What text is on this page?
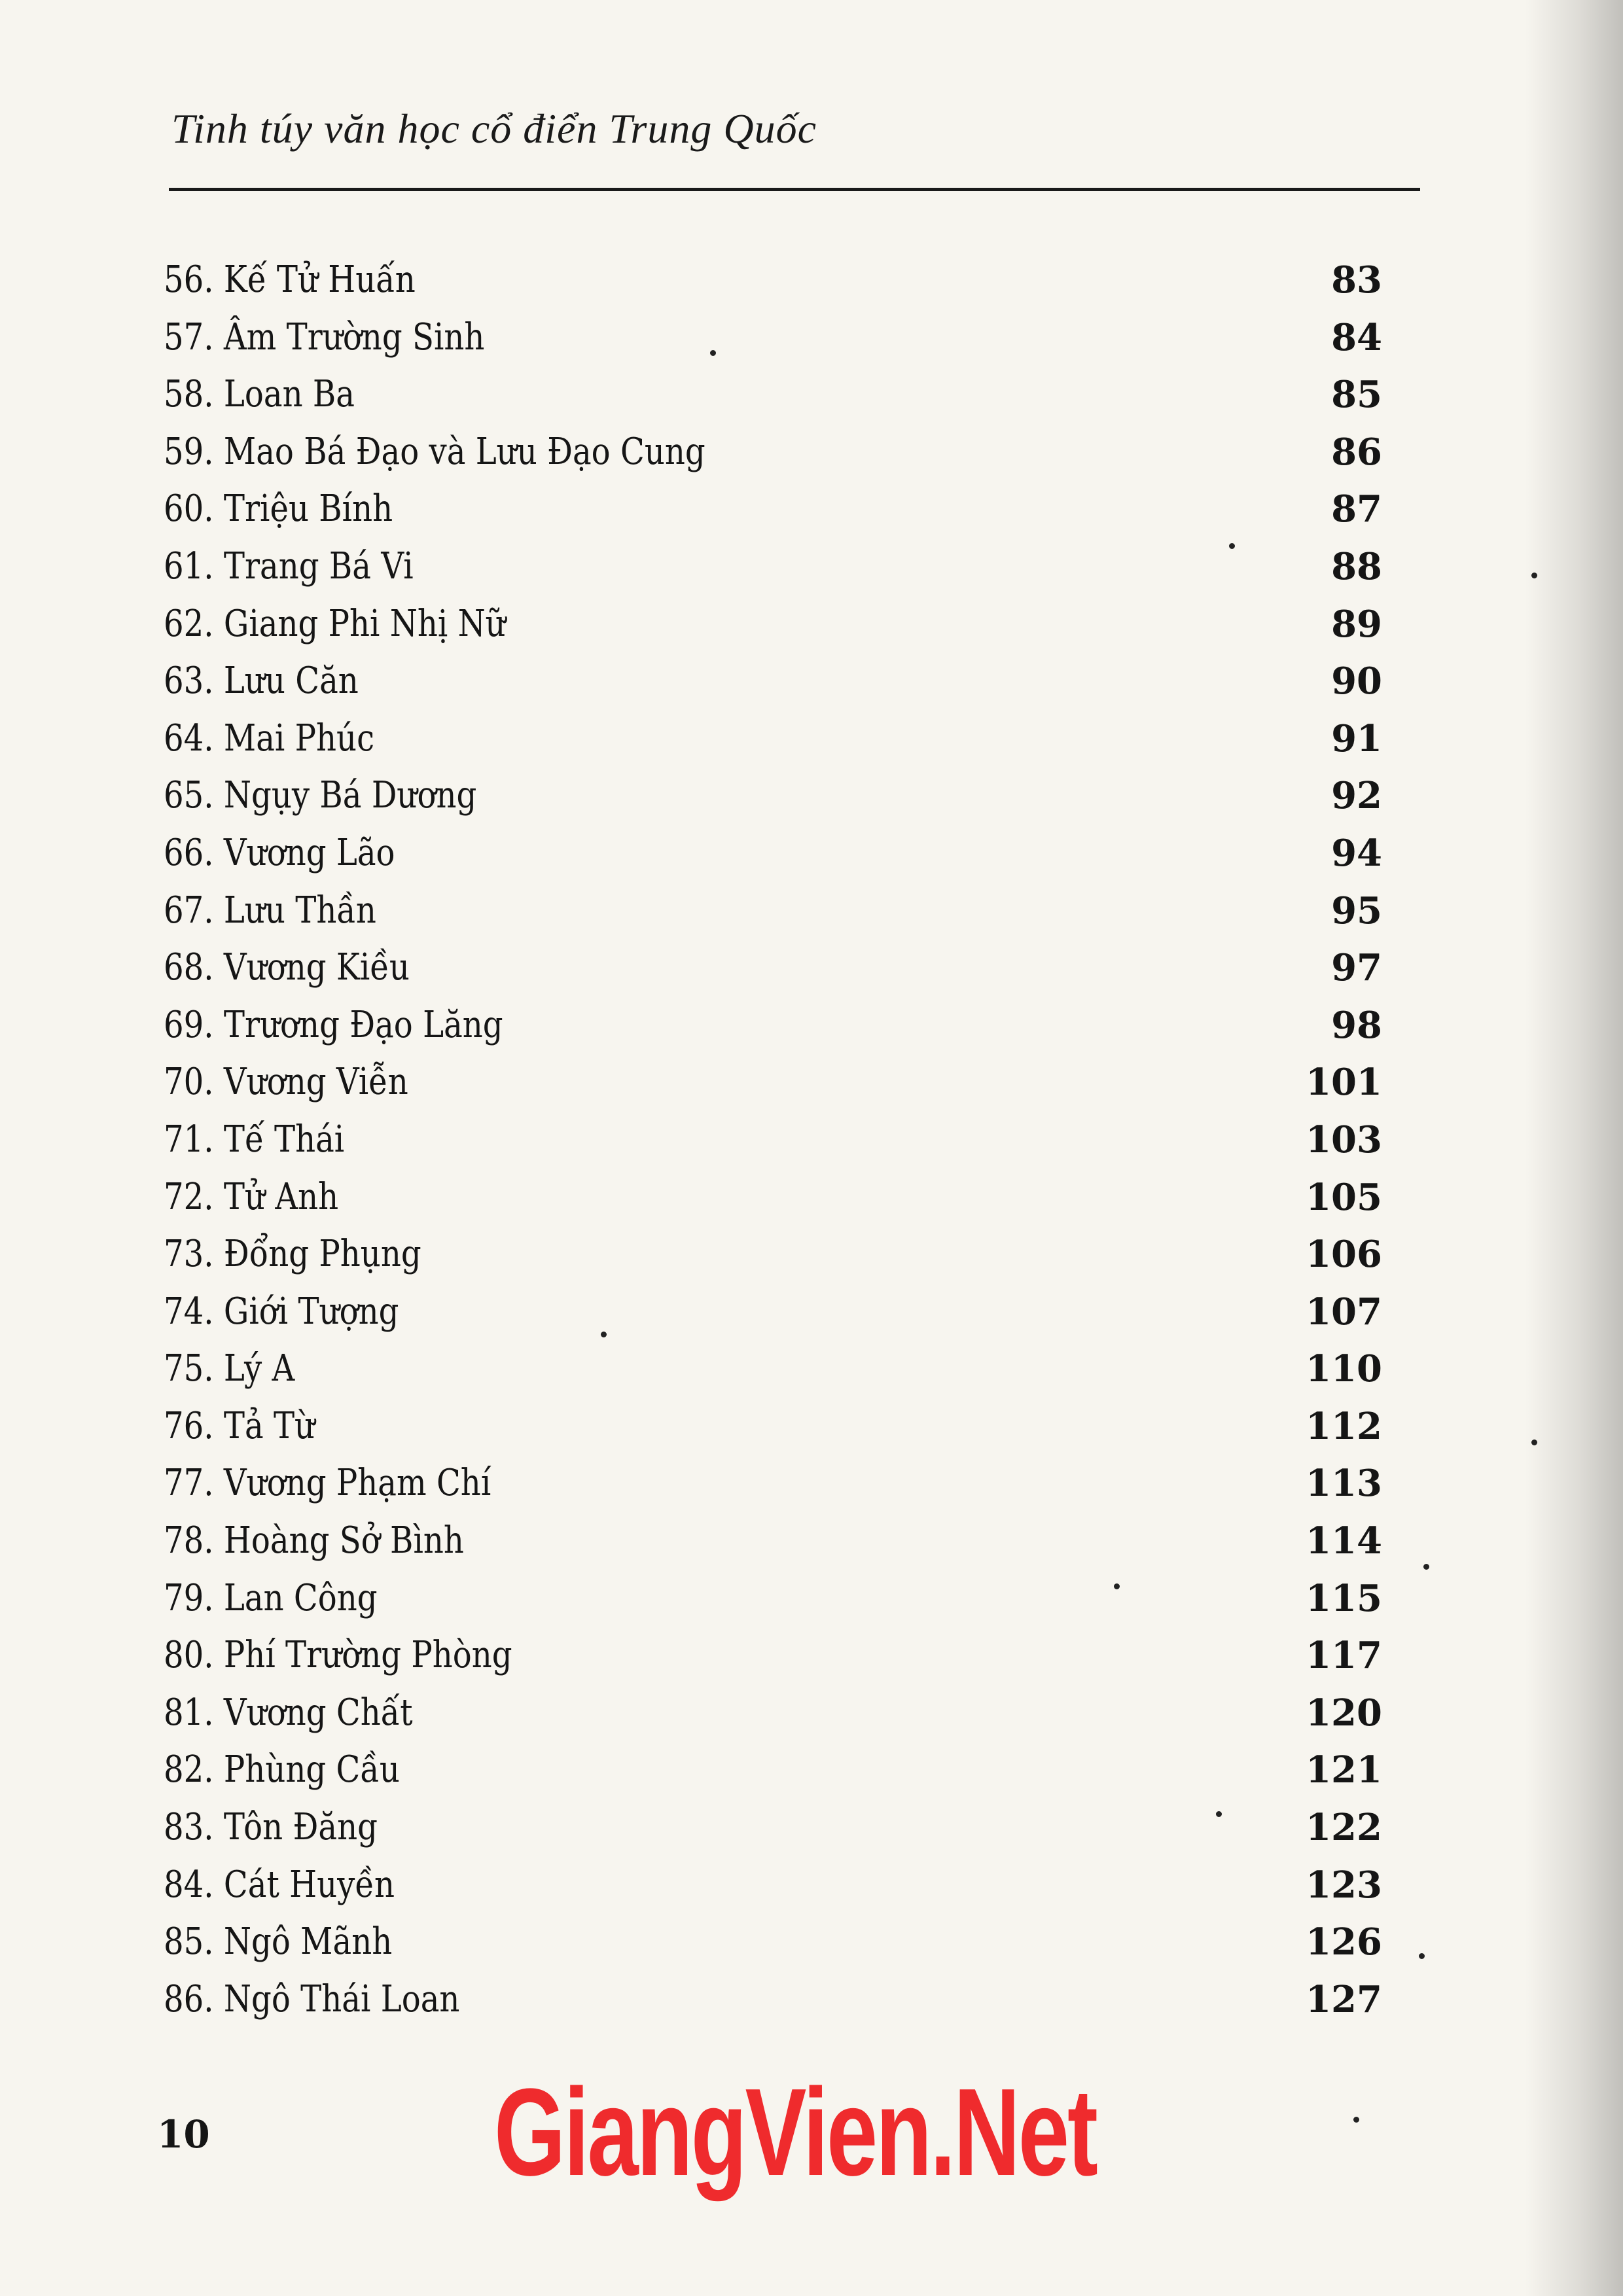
Tinh túy văn học cổ điển Trung Quốc
56. Kế Tử Huấn	83
57. Âm Trường Sinh	84
58. Loan Ba	85
59. Mao Bá Đạo và Lưu Đạo Cung	86
60. Triệu Bính	87
61. Trang Bá Vi	88
62. Giang Phi Nhị Nữ	89
63. Lưu Căn	90
64. Mai Phúc	91
65. Ngụy Bá Dương	92
66. Vương Lão	94
67. Lưu Thần	95
68. Vương Kiều	97
69. Trương Đạo Lăng	98
70. Vương Viễn	101
71. Tế Thái	103
72. Tử Anh	105
73. Đổng Phụng	106
74. Giới Tượng	107
75. Lý A	110
76. Tả Từ	112
77. Vương Phạm Chí	113
78. Hoàng Sở Bình	114
79. Lan Công	115
80. Phí Trường Phòng	117
81. Vương Chất	120
82. Phùng Cầu	121
83. Tôn Đăng	122
84. Cát Huyền	123
85. Ngô Mãnh	126
86. Ngô Thái Loan	127
10 GiangVien.Net
